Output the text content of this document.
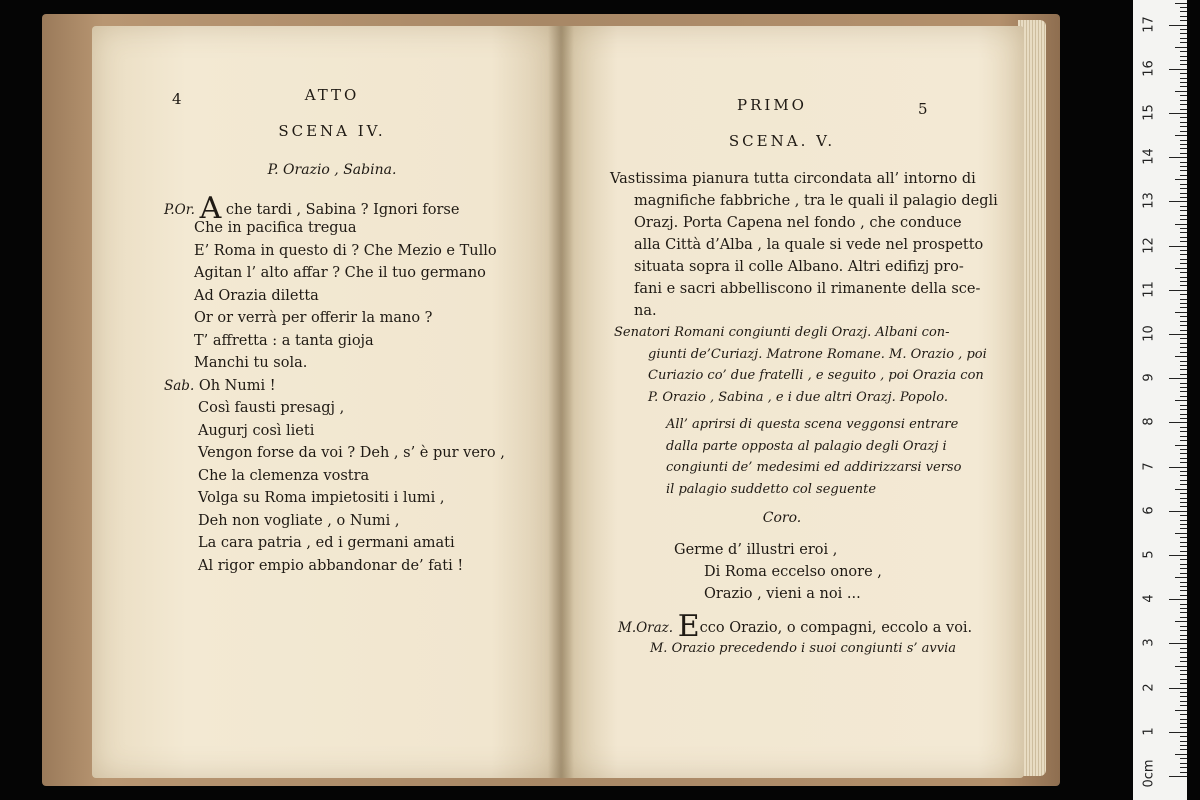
4	ATTO
SCENA IV.
P. Orazio , Sabina.
P.Or. A che tardi , Sabina ? Ignori forse
Che in pacifica tregua
E’ Roma in questo di ? Che Mezio e Tullo
Agitan l’ alto affar ? Che il tuo germano
Ad Orazia diletta
Or or verrà per offerir la mano ?
T’ affretta : a tanta gioja
Manchi tu sola.
Sab. Oh Numi !
Così fausti presagj ,
Augurj così lieti
Vengon forse da voi ? Deh , s’ è pur vero ,
Che la clemenza vostra
Volga su Roma impietositi i lumi ,
Deh non vogliate , o Numi ,
La cara patria , ed i germani amati
Al rigor empio abbandonar de’ fati !
PRIMO	5
SCENA. V.
Vastissima pianura tutta circondata all’ intorno di
magnifiche fabbriche , tra le quali il palagio degli
Orazj. Porta Capena nel fondo , che conduce
alla Città d’Alba , la quale si vede nel prospetto
situata sopra il colle Albano. Altri edifizj pro-
fani e sacri abbelliscono il rimanente della sce-
na.
Senatori Romani congiunti degli Orazj. Albani con-
giunti de’Curiazj. Matrone Romane. M. Orazio , poi
Curiazio co’ due fratelli , e seguito , poi Orazia con
P. Orazio , Sabina , e i due altri Orazj. Popolo.
All’ aprirsi di questa scena veggonsi entrare
dalla parte opposta al palagio degli Orazj i
congiunti de’ medesimi ed addirizzarsi verso
il palagio suddetto col seguente
Coro.
Germe d’ illustri eroi ,
Di Roma eccelso onore ,
Orazio , vieni a noi ...
M.Oraz. Ecco Orazio, o compagni, eccolo a voi.
M. Orazio precedendo i suoi congiunti s’ avvia
0cm
1
2
3
4
5
6
7
8
9
10
11
12
13
14
15
16
17
